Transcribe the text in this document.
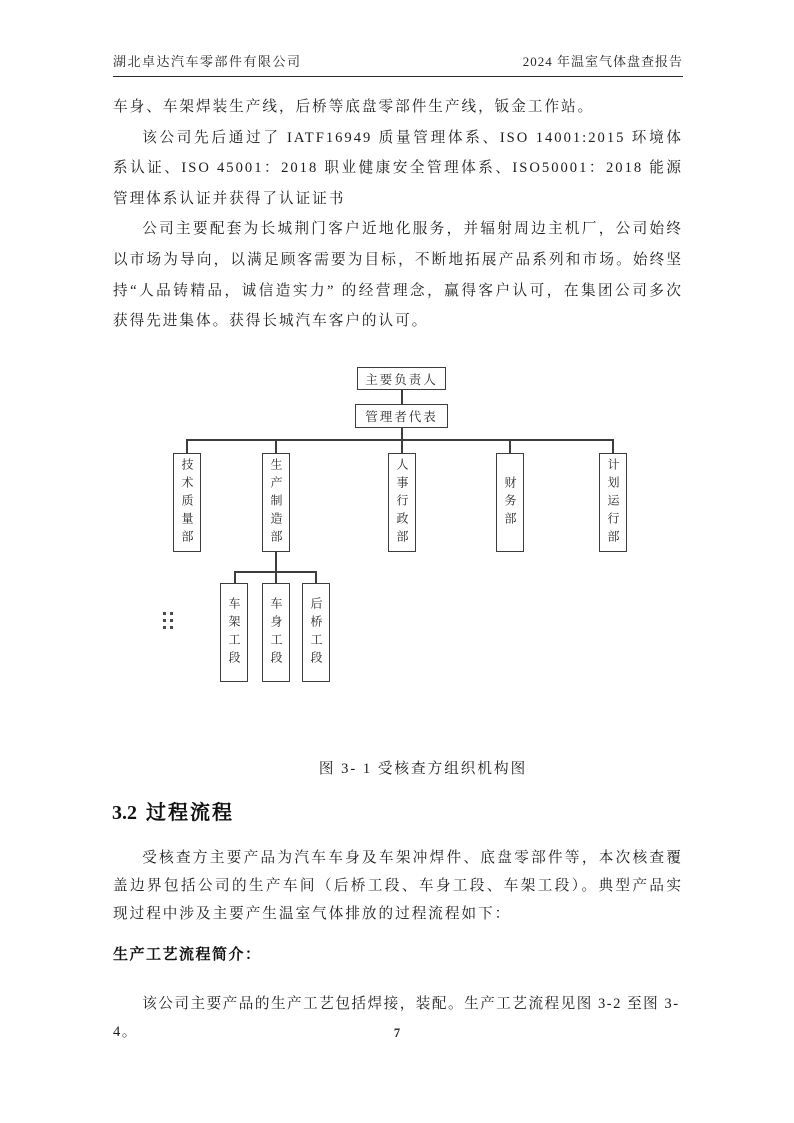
湖北卓达汽车零部件有限公司	2024 年温室气体盘查报告

车身、车架焊装生产线，后桥等底盘零部件生产线，钣金工作站。

该公司先后通过了 IATF16949 质量管理体系、ISO 14001:2015 环境体系认证、ISO 45001：2018 职业健康安全管理体系、ISO50001：2018 能源管理体系认证并获得了认证证书

公司主要配套为长城荆门客户近地化服务，并辐射周边主机厂，公司始终以市场为导向，以满足顾客需要为目标，不断地拓展产品系列和市场。始终坚持“人品铸精品，诚信造实力” 的经营理念，赢得客户认可，在集团公司多次获得先进集体。获得长城汽车客户的认可。

主要负责人
管理者代表
技术质量部	生产制造部	人事行政部	财务部	计划运行部
车架工段 车身工段 后桥工段
图 3- 1 受核查方组织机构图
3.2 过程流程

受核查方主要产品为汽车车身及车架冲焊件、底盘零部件等，本次核查覆盖边界包括公司的生产车间（后桥工段、车身工段、车架工段）。典型产品实现过程中涉及主要产生温室气体排放的过程流程如下：

生产工艺流程简介：

该公司主要产品的生产工艺包括焊接，装配。生产工艺流程见图 3-2 至图 3-4。	7
